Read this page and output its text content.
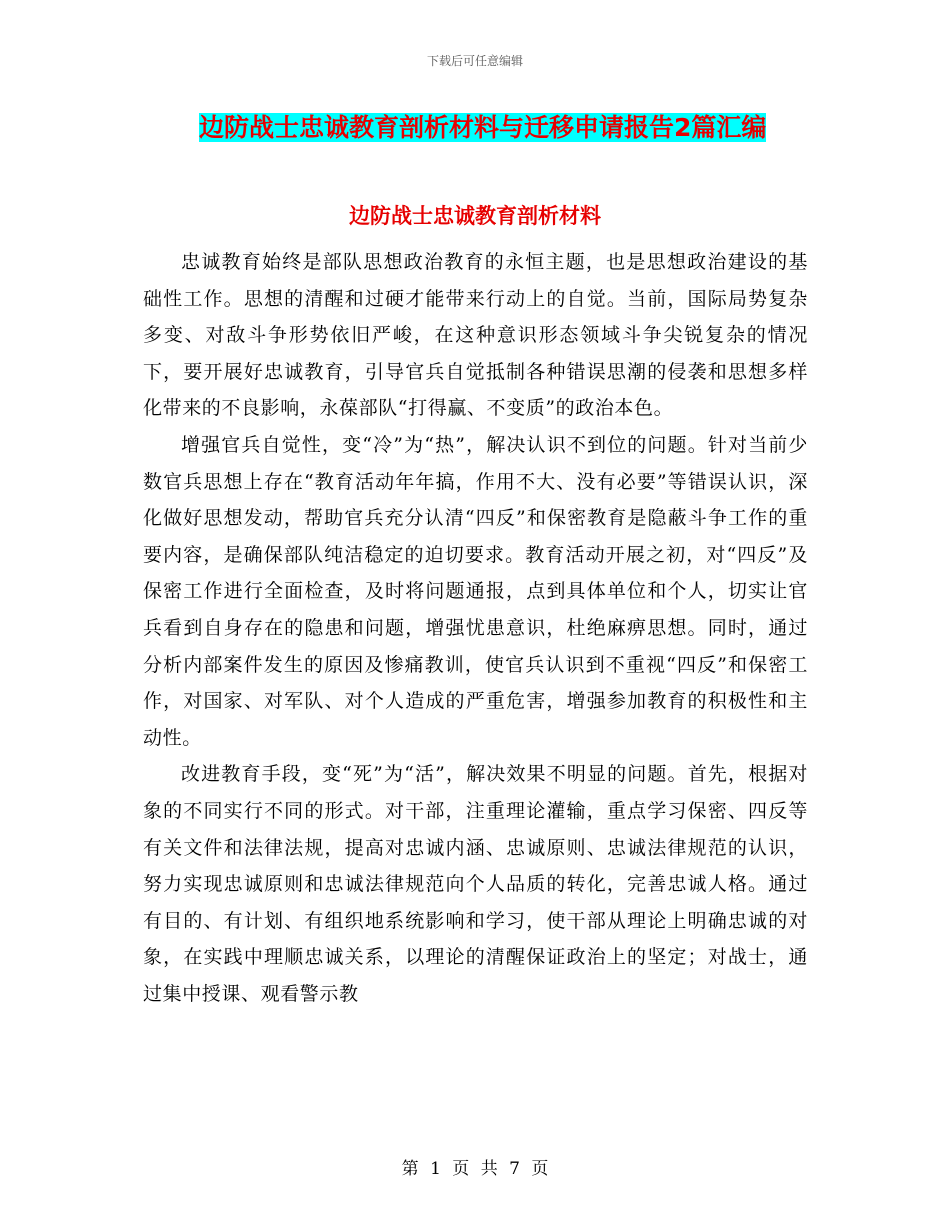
下载后可任意编辑
边防战士忠诚教育剖析材料与迁移申请报告2篇汇编
边防战士忠诚教育剖析材料

忠诚教育始终是部队思想政治教育的永恒主题，也是思想政治建设的基础性工作。思想的清醒和过硬才能带来行动上的自觉。当前，国际局势复杂多变、对敌斗争形势依旧严峻，在这种意识形态领域斗争尖锐复杂的情况下，要开展好忠诚教育，引导官兵自觉抵制各种错误思潮的侵袭和思想多样化带来的不良影响，永葆部队“打得赢、不变质”的政治本色。

增强官兵自觉性，变“冷”为“热”，解决认识不到位的问题。针对当前少数官兵思想上存在“教育活动年年搞，作用不大、没有必要”等错误认识，深化做好思想发动，帮助官兵充分认清“四反”和保密教育是隐蔽斗争工作的重要内容，是确保部队纯洁稳定的迫切要求。教育活动开展之初，对“四反”及保密工作进行全面检查，及时将问题通报，点到具体单位和个人，切实让官兵看到自身存在的隐患和问题，增强忧患意识，杜绝麻痹思想。同时，通过分析内部案件发生的原因及惨痛教训，使官兵认识到不重视“四反”和保密工作，对国家、对军队、对个人造成的严重危害，增强参加教育的积极性和主动性。

改进教育手段，变“死”为“活”，解决效果不明显的问题。首先，根据对象的不同实行不同的形式。对干部，注重理论灌输，重点学习保密、四反等有关文件和法律法规，提高对忠诚内涵、忠诚原则、忠诚法律规范的认识，努力实现忠诚原则和忠诚法律规范向个人品质的转化，完善忠诚人格。通过有目的、有计划、有组织地系统影响和学习，使干部从理论上明确忠诚的对象，在实践中理顺忠诚关系，以理论的清醒保证政治上的坚定；对战士，通过集中授课、观看警示教

第 1 页 共 7 页
